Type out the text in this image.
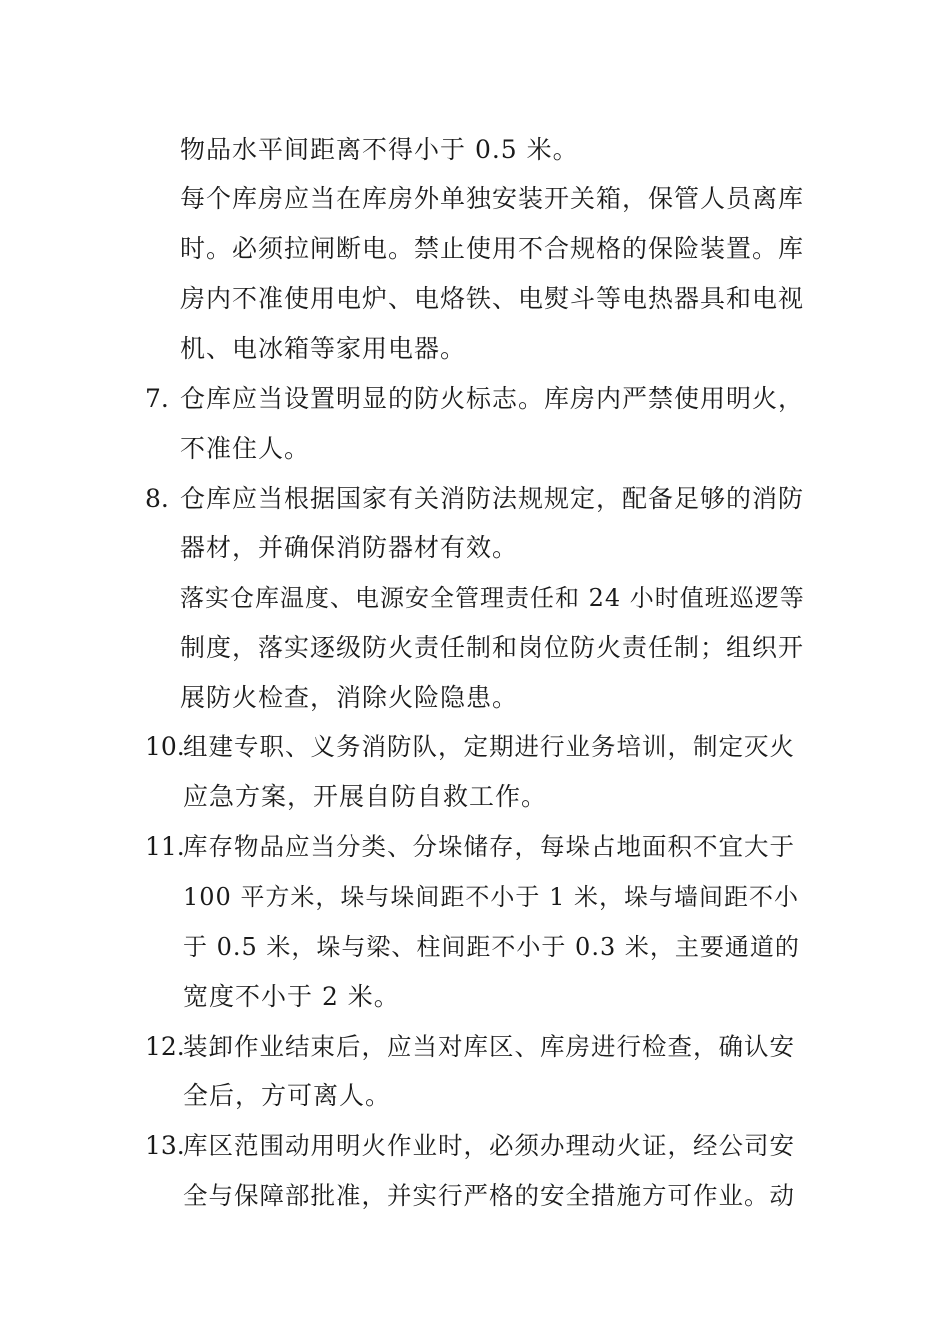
物品水平间距离不得小于 0.5 米。
每个库房应当在库房外单独安装开关箱，保管人员离库
时。必须拉闸断电。禁止使用不合规格的保险装置。库
房内不准使用电炉、电烙铁、电熨斗等电热器具和电视
机、电冰箱等家用电器。
7. 仓库应当设置明显的防火标志。库房内严禁使用明火，
不准住人。
8. 仓库应当根据国家有关消防法规规定，配备足够的消防
器材，并确保消防器材有效。
落实仓库温度、电源安全管理责任和 24 小时值班巡逻等
制度，落实逐级防火责任制和岗位防火责任制；组织开
展防火检查，消除火险隐患。
10.
组建专职、义务消防队，定期进行业务培训，制定灭火
应急方案，开展自防自救工作。
11.
库存物品应当分类、分垛储存，每垛占地面积不宜大于
100 平方米，垛与垛间距不小于 1 米，垛与墙间距不小
于 0.5 米，垛与梁、柱间距不小于 0.3 米，主要通道的
宽度不小于 2 米。
12.
装卸作业结束后，应当对库区、库房进行检查，确认安
全后，方可离人。
13.
库区范围动用明火作业时，必须办理动火证，经公司安
全与保障部批准，并实行严格的安全措施方可作业。动
